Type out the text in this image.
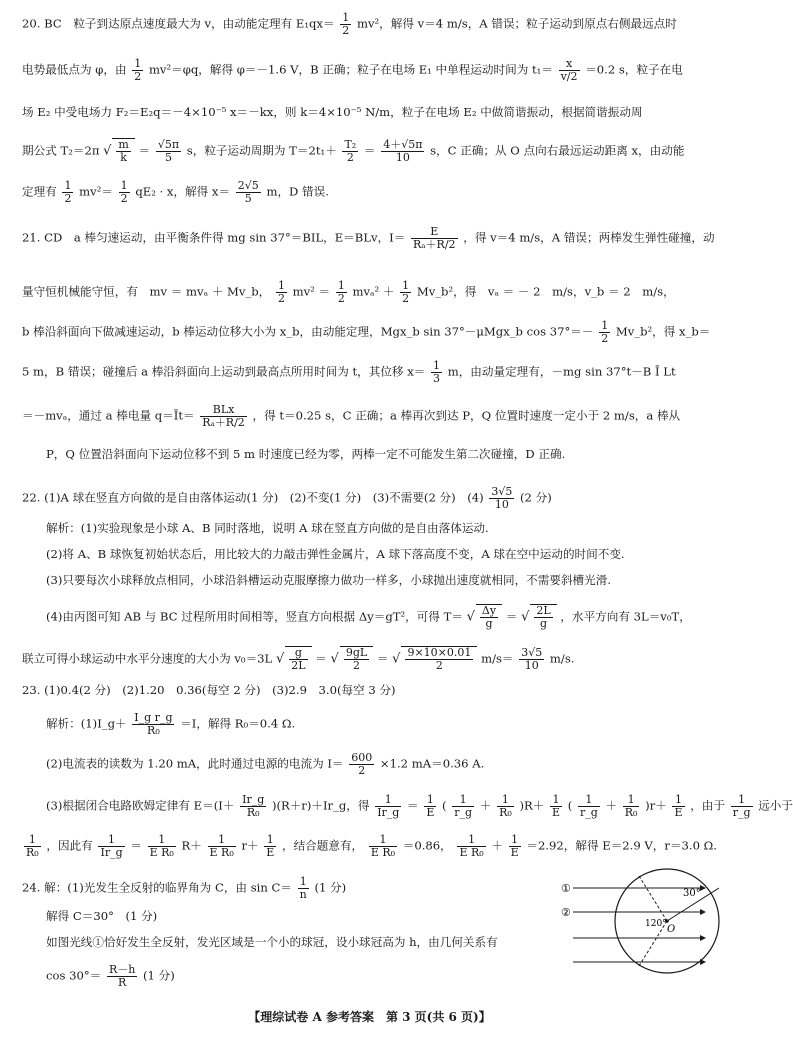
20. BC　粒子到达原点速度最大为 v，由动能定理有 $E_1qx= \frac{1}{2} mv^2$，解得 v＝4 m/s，A 错误；粒子运动到原点右侧最远点时
电势最低点为 φ，由 $\frac{1}{2} mv^2=\varphi q$，解得 φ＝－1.6 V，B 正确；粒子在电场 E₁ 中单程运动时间为 $t_1= \frac{x}{v/2} =0.2$ s，粒子在电
场 E₂ 中受电场力 F₂＝E₂q＝－4×10⁻⁵ x＝－kx，则 k＝4×10⁻⁵ N/m，粒子在电场 E₂ 中做简谐振动，根据简谐振动周
期公式 T₂＝2π √ $\frac{m}{k} = \frac{√5\pi}{5}$ s，粒子运动周期为 $T=2t_1+ \frac{\text{T₂}}{2} = \frac{4+√5\pi}{10}$ s，C 正确；从 O 点向右最远运动距离 x，由动能
定理有 $\frac{1}{2} mv^2= \frac{1}{2} qE_2 \cdot x$，解得 $x= \frac{2√5}{5}$ m，D 错误.
21. CD　a 棒匀速运动，由平衡条件得 mg sin 37°＝BIL，E＝BLv，$I= \frac{E}{\text{Rₐ＋R/2}}$ ，得 v＝4 m/s，A 错误；两棒发生弹性碰撞，动
量守恒机械能守恒，有　mv ＝ mvₐ ＋ Mv_b， $\frac{1}{2} mv^2 = \frac{1}{2} mv_a^2 + \frac{1}{2}$ Mv_b²，得　vₐ ＝ － 2　m/s，v_b ＝ 2　m/s，
b 棒沿斜面向下做减速运动，b 棒运动位移大小为 x_b，由动能定理，Mgx_b sin 37°－μMgx_b $\cos 37^\circ=- \frac{1}{2}$ Mv_b²，得 x_b＝
5 m，B 错误；碰撞后 a 棒沿斜面向上运动到最高点所用时间为 t，其位移 $x= \frac{1}{3}$ m，由动量定理有，－mg sin 37°t－B Ī Lt
＝－mvₐ，通过 a 棒电量 q＝Īt＝ $\frac{\text{BLx}}{\text{Rₐ＋R/2}}$ ，得 t＝0.25 s，C 正确；a 棒再次到达 P，Q 位置时速度一定小于 2 m/s，a 棒从
P，Q 位置沿斜面向下运动位移不到 5 m 时速度已经为零，两棒一定不可能发生第二次碰撞，D 正确.
22. (1)A 球在竖直方向做的是自由落体运动(1 分)　(2)不变(1 分)　(3)不需要(2 分)　$(4) \frac{3√5}{10} (2$ 分)
解析：(1)实验现象是小球 A、B 同时落地，说明 A 球在竖直方向做的是自由落体运动.
(2)将 A、B 球恢复初始状态后，用比较大的力敲击弹性金属片，A 球下落高度不变，A 球在空中运动的时间不变.
(3)只要每次小球释放点相同，小球沿斜槽运动克服摩擦力做功一样多，小球抛出速度就相同，不需要斜槽光滑.
(4)由丙图可知 AB 与 BC 过程所用时间相等，竖直方向根据 Δy＝gT²，可得 T＝ √ $\frac{\Delta y}{g}$ ＝ √ $\frac{2L}{g}$ ，水平方向有 3L＝v₀T，
联立可得小球运动中水平分速度的大小为 v₀＝3L √ $\frac{g}{2L}$ ＝ √ $\frac{9gL}{2}$ ＝ √ $\frac{9\times 10\times 0.01}{2} m/s= \frac{3√5}{10} m/s$.
23. (1)0.4(2 分)　(2)1.20　0.36(每空 2 分)　(3)2.9　3.0(每空 3 分)
解析：(1)I_g＋ $\frac{\text{I\_g r\_g}}{\text{R₀}} =I$，解得 R₀＝0.4 Ω.
(2)电流表的读数为 1.20 mA，此时通过电源的电流为 $I= \frac{600}{2} \times 1.2$ mA＝0.36 A.
(3)根据闭合电路欧姆定律有 $E=(I+ \frac{Ir\_g}{\text{R₀}}$ )(R＋r)＋Ir_g，得 $\frac{1}{Ir\_g} = \frac{1}{E}$ ( $\frac{1}{r\_g} + \frac{1}{\text{R₀}} )R+ \frac{1}{E}$ ( $\frac{1}{r\_g} + \frac{1}{\text{R₀}} )r+ \frac{1}{E}$ ，由于 $\frac{1}{r\_g}$ 远小于
$\frac{1}{\text{R₀}}$ ，因此有 $\frac{1}{Ir\_g} = \frac{1}{\text{E R₀}} R+ \frac{1}{\text{E R₀}} r+ \frac{1}{E}$ ，结合题意有， $\frac{1}{\text{E R₀}} =0.86$， $\frac{1}{\text{E R₀}} + \frac{1}{E} =2.92$，解得 E＝2.9 V，r＝3.0 Ω.
24. 解：(1)光发生全反射的临界角为 C，由 $\sin C= \frac{1}{n} (1$ 分)
解得 C＝30°　(1 分)
如图光线①恰好发生全反射，发光区域是一个小的球冠，设小球冠高为 h，由几何关系有
$\cos 30^\circ= \frac{R-h}{R} (1$ 分)
①
②
30°
120° O
【理综试卷 A 参考答案　第 3 页(共 6 页)】
